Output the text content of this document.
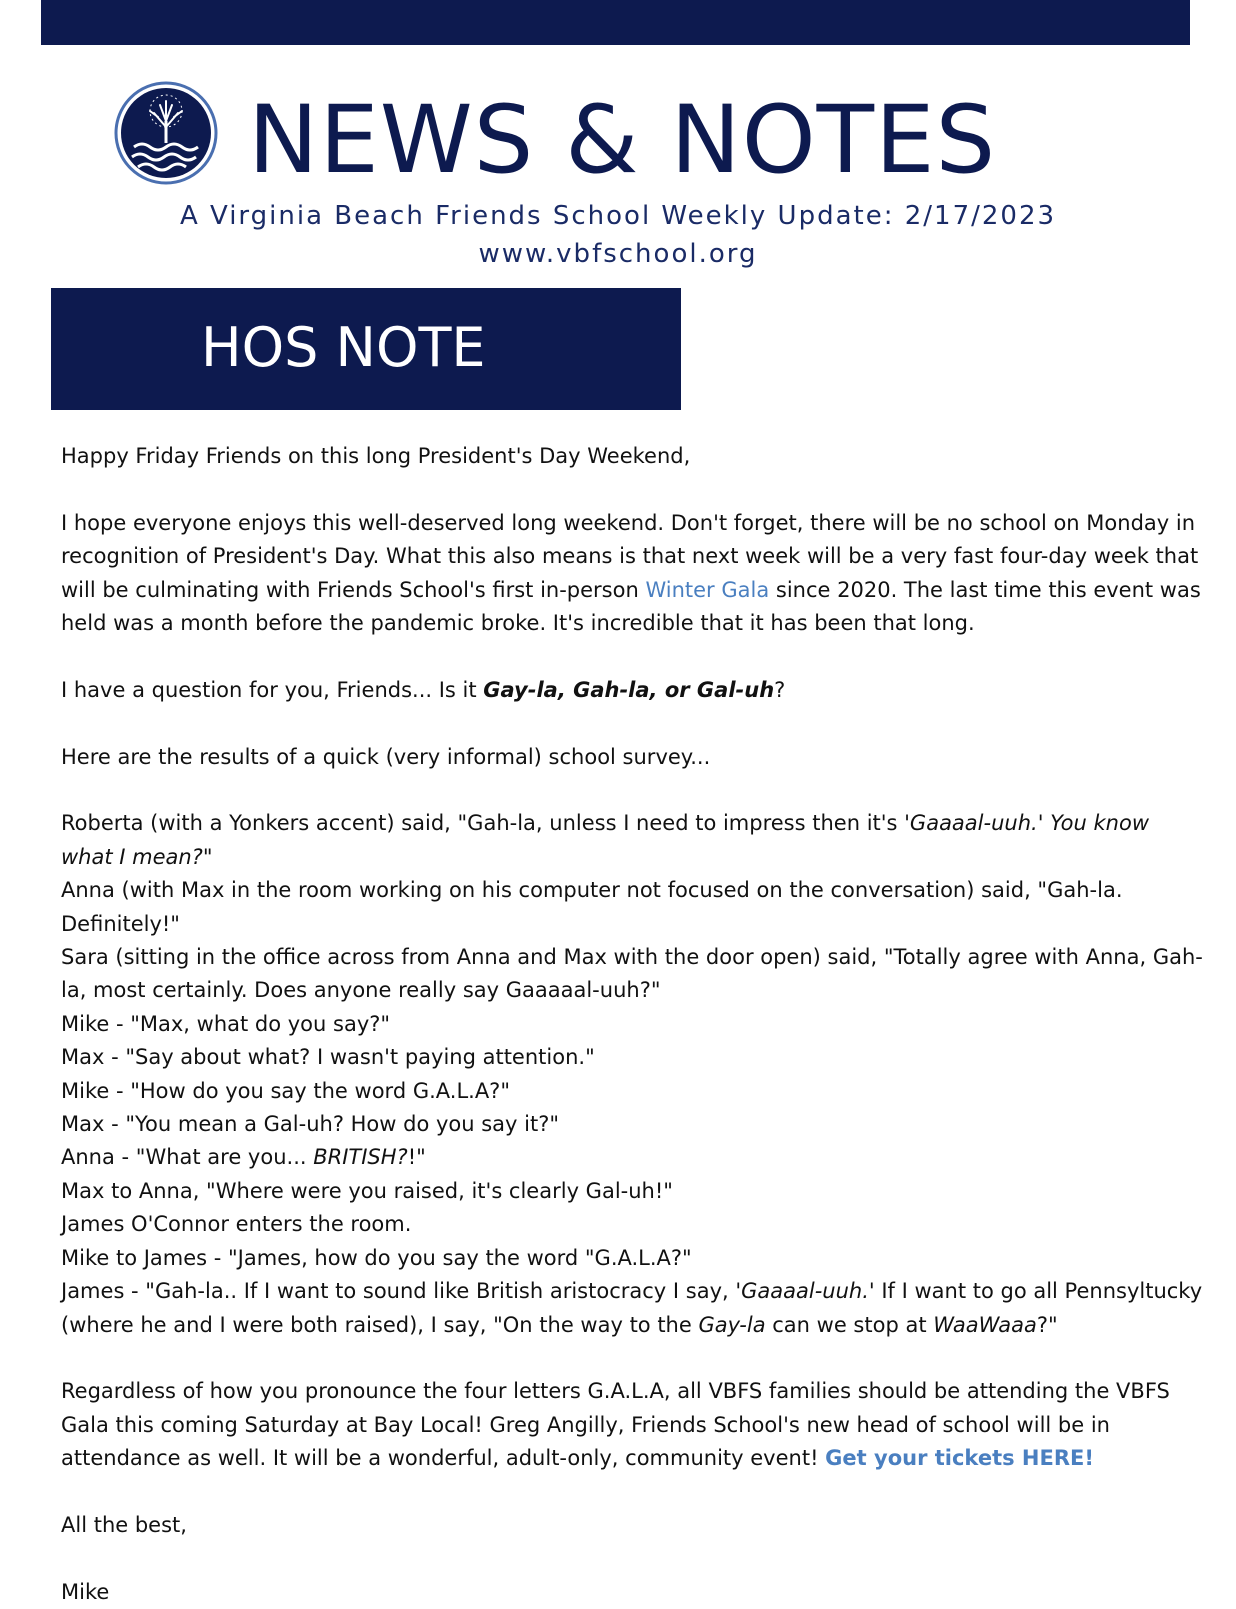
NEWS & NOTES
A Virginia Beach Friends School Weekly Update: 2/17/2023
www.vbfschool.org
HOS NOTE

Happy Friday Friends on this long President's Day Weekend,

I hope everyone enjoys this well-deserved long weekend. Don't forget, there will be no school on Monday in recognition of President's Day. What this also means is that next week will be a very fast four-day week that will be culminating with Friends School's first in-person Winter Gala since 2020. The last time this event was held was a month before the pandemic broke. It's incredible that it has been that long.

I have a question for you, Friends... Is it Gay-la, Gah-la, or Gal-uh?

Here are the results of a quick (very informal) school survey...

Roberta (with a Yonkers accent) said, "Gah-la, unless I need to impress then it's 'Gaaaal-uuh.' You know what I mean?"

Anna (with Max in the room working on his computer not focused on the conversation) said, "Gah-la. Definitely!"

Sara (sitting in the office across from Anna and Max with the door open) said, "Totally agree with Anna, Gah-la, most certainly. Does anyone really say Gaaaaal-uuh?"

Mike - "Max, what do you say?"

Max - "Say about what? I wasn't paying attention."

Mike - "How do you say the word G.A.L.A?"

Max - "You mean a Gal-uh? How do you say it?"

Anna - "What are you... BRITISH?!"

Max to Anna, "Where were you raised, it's clearly Gal-uh!"

James O'Connor enters the room.

Mike to James - "James, how do you say the word "G.A.L.A?"

James - "Gah-la.. If I want to sound like British aristocracy I say, 'Gaaaal-uuh.' If I want to go all Pennsyltucky (where he and I were both raised), I say, "On the way to the Gay-la can we stop at WaaWaaa?"

Regardless of how you pronounce the four letters G.A.L.A, all VBFS families should be attending the VBFS Gala this coming Saturday at Bay Local! Greg Angilly, Friends School's new head of school will be in attendance as well. It will be a wonderful, adult-only, community event! Get your tickets HERE!

All the best,

Mike
